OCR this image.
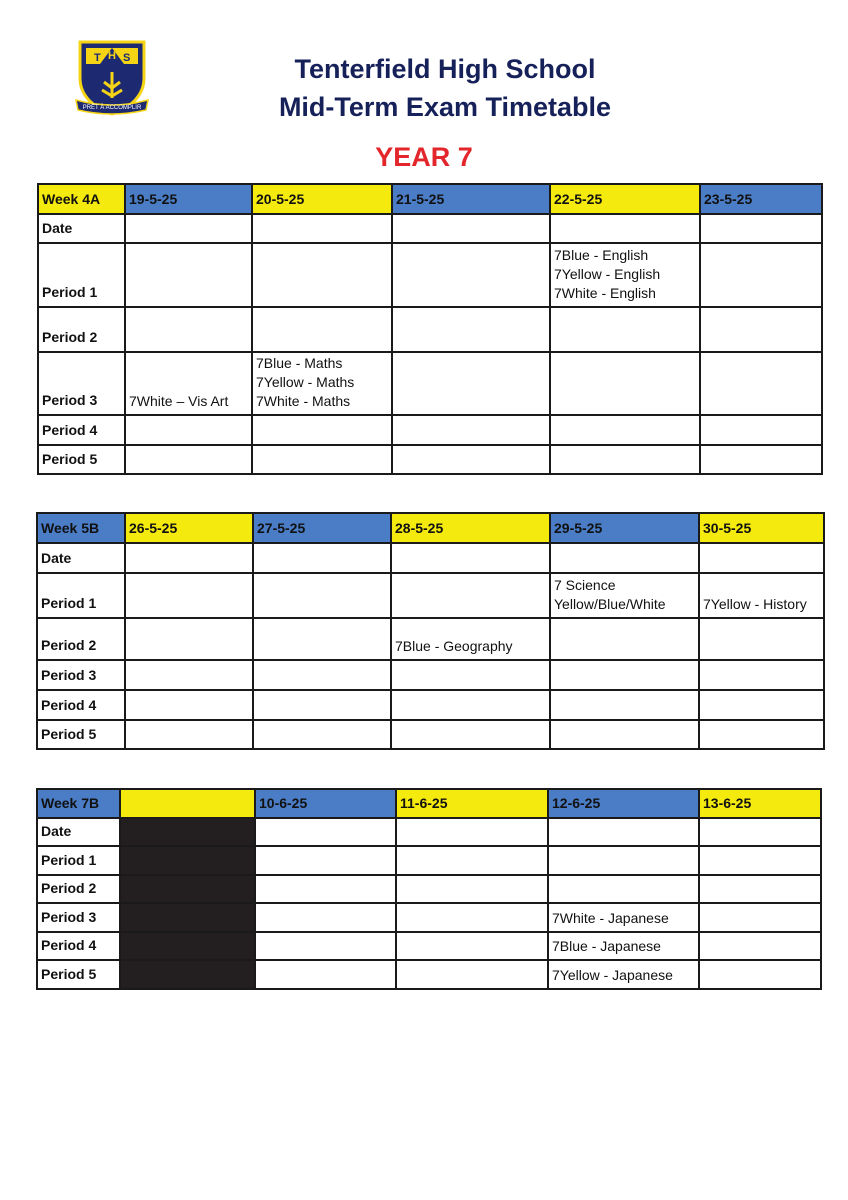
T H S
PRÊT À ACCOMPLIR
Tenterfield High School
Mid-Term Exam Timetable
YEAR 7
Week 4A	19-5-25	20-5-25	21-5-25	22-5-25	23-5-25
Date					
Period 1				7Blue - English
7Yellow - English
7White - English	

Period 2					
Period 3	7White – Vis Art	7Blue - Maths
7Yellow - Maths
7White - Maths			

Period 4					
Period 5					
Week 5B	26-5-25	27-5-25	28-5-25	29-5-25	30-5-25
Date					
Period 1				7 Science
Yellow/Blue/White	7Yellow - History
Period 2			7Blue - Geography		
Period 3					
Period 4					
Period 5					
Week 7B		10-6-25	11-6-25	12-6-25	13-6-25
Date					
Period 1					
Period 2					
Period 3				7White - Japanese	
Period 4				7Blue - Japanese	
Period 5				7Yellow - Japanese	
